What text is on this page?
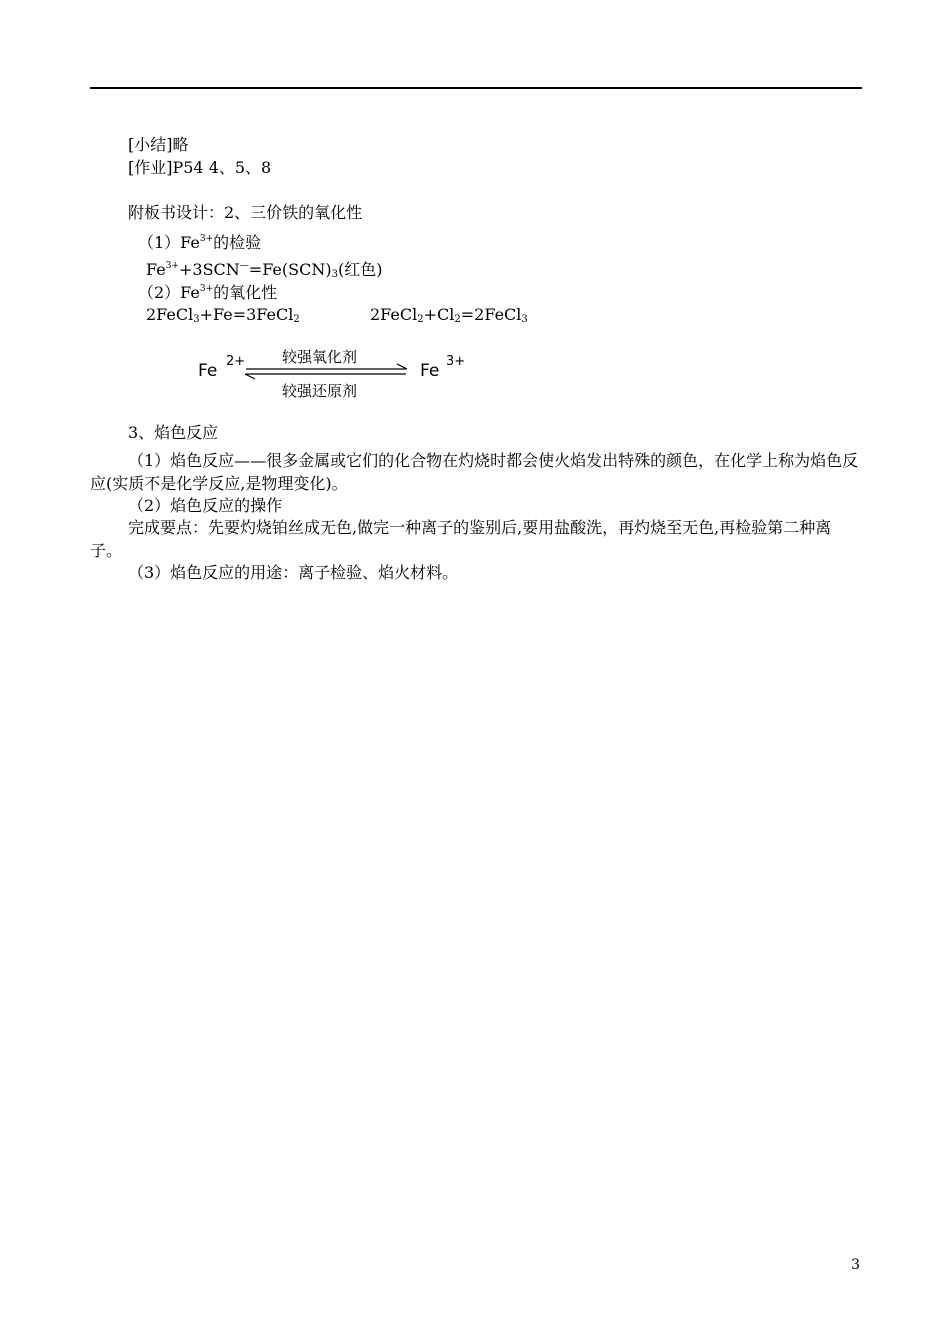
[小结]略
[作业]P54 4、5、8
附板书设计：2、三价铁的氧化性
$(1)Fe^{3+}$的检验
$Fe^{3+}+3SCN^—=Fe(SCN)_3$(红色)
$(2)Fe^{3+}$的氧化性
2FeCl$_3$+Fe=3FeCl$_2$	$2FeCl_2+Cl_2=2FeCl_3$
Fe 2+	Fe 3+
较强氧化剂
较强还原剂
3、焰色反应
（1）焰色反应——很多金属或它们的化合物在灼烧时都会使火焰发出特殊的颜色，在化学上称为焰色反应(实质不是化学反应,是物理变化)。
（2）焰色反应的操作
完成要点：先要灼烧铂丝成无色,做完一种离子的鉴别后,要用盐酸洗，再灼烧至无色,再检验第二种离子。
（3）焰色反应的用途：离子检验、焰火材料。
3
